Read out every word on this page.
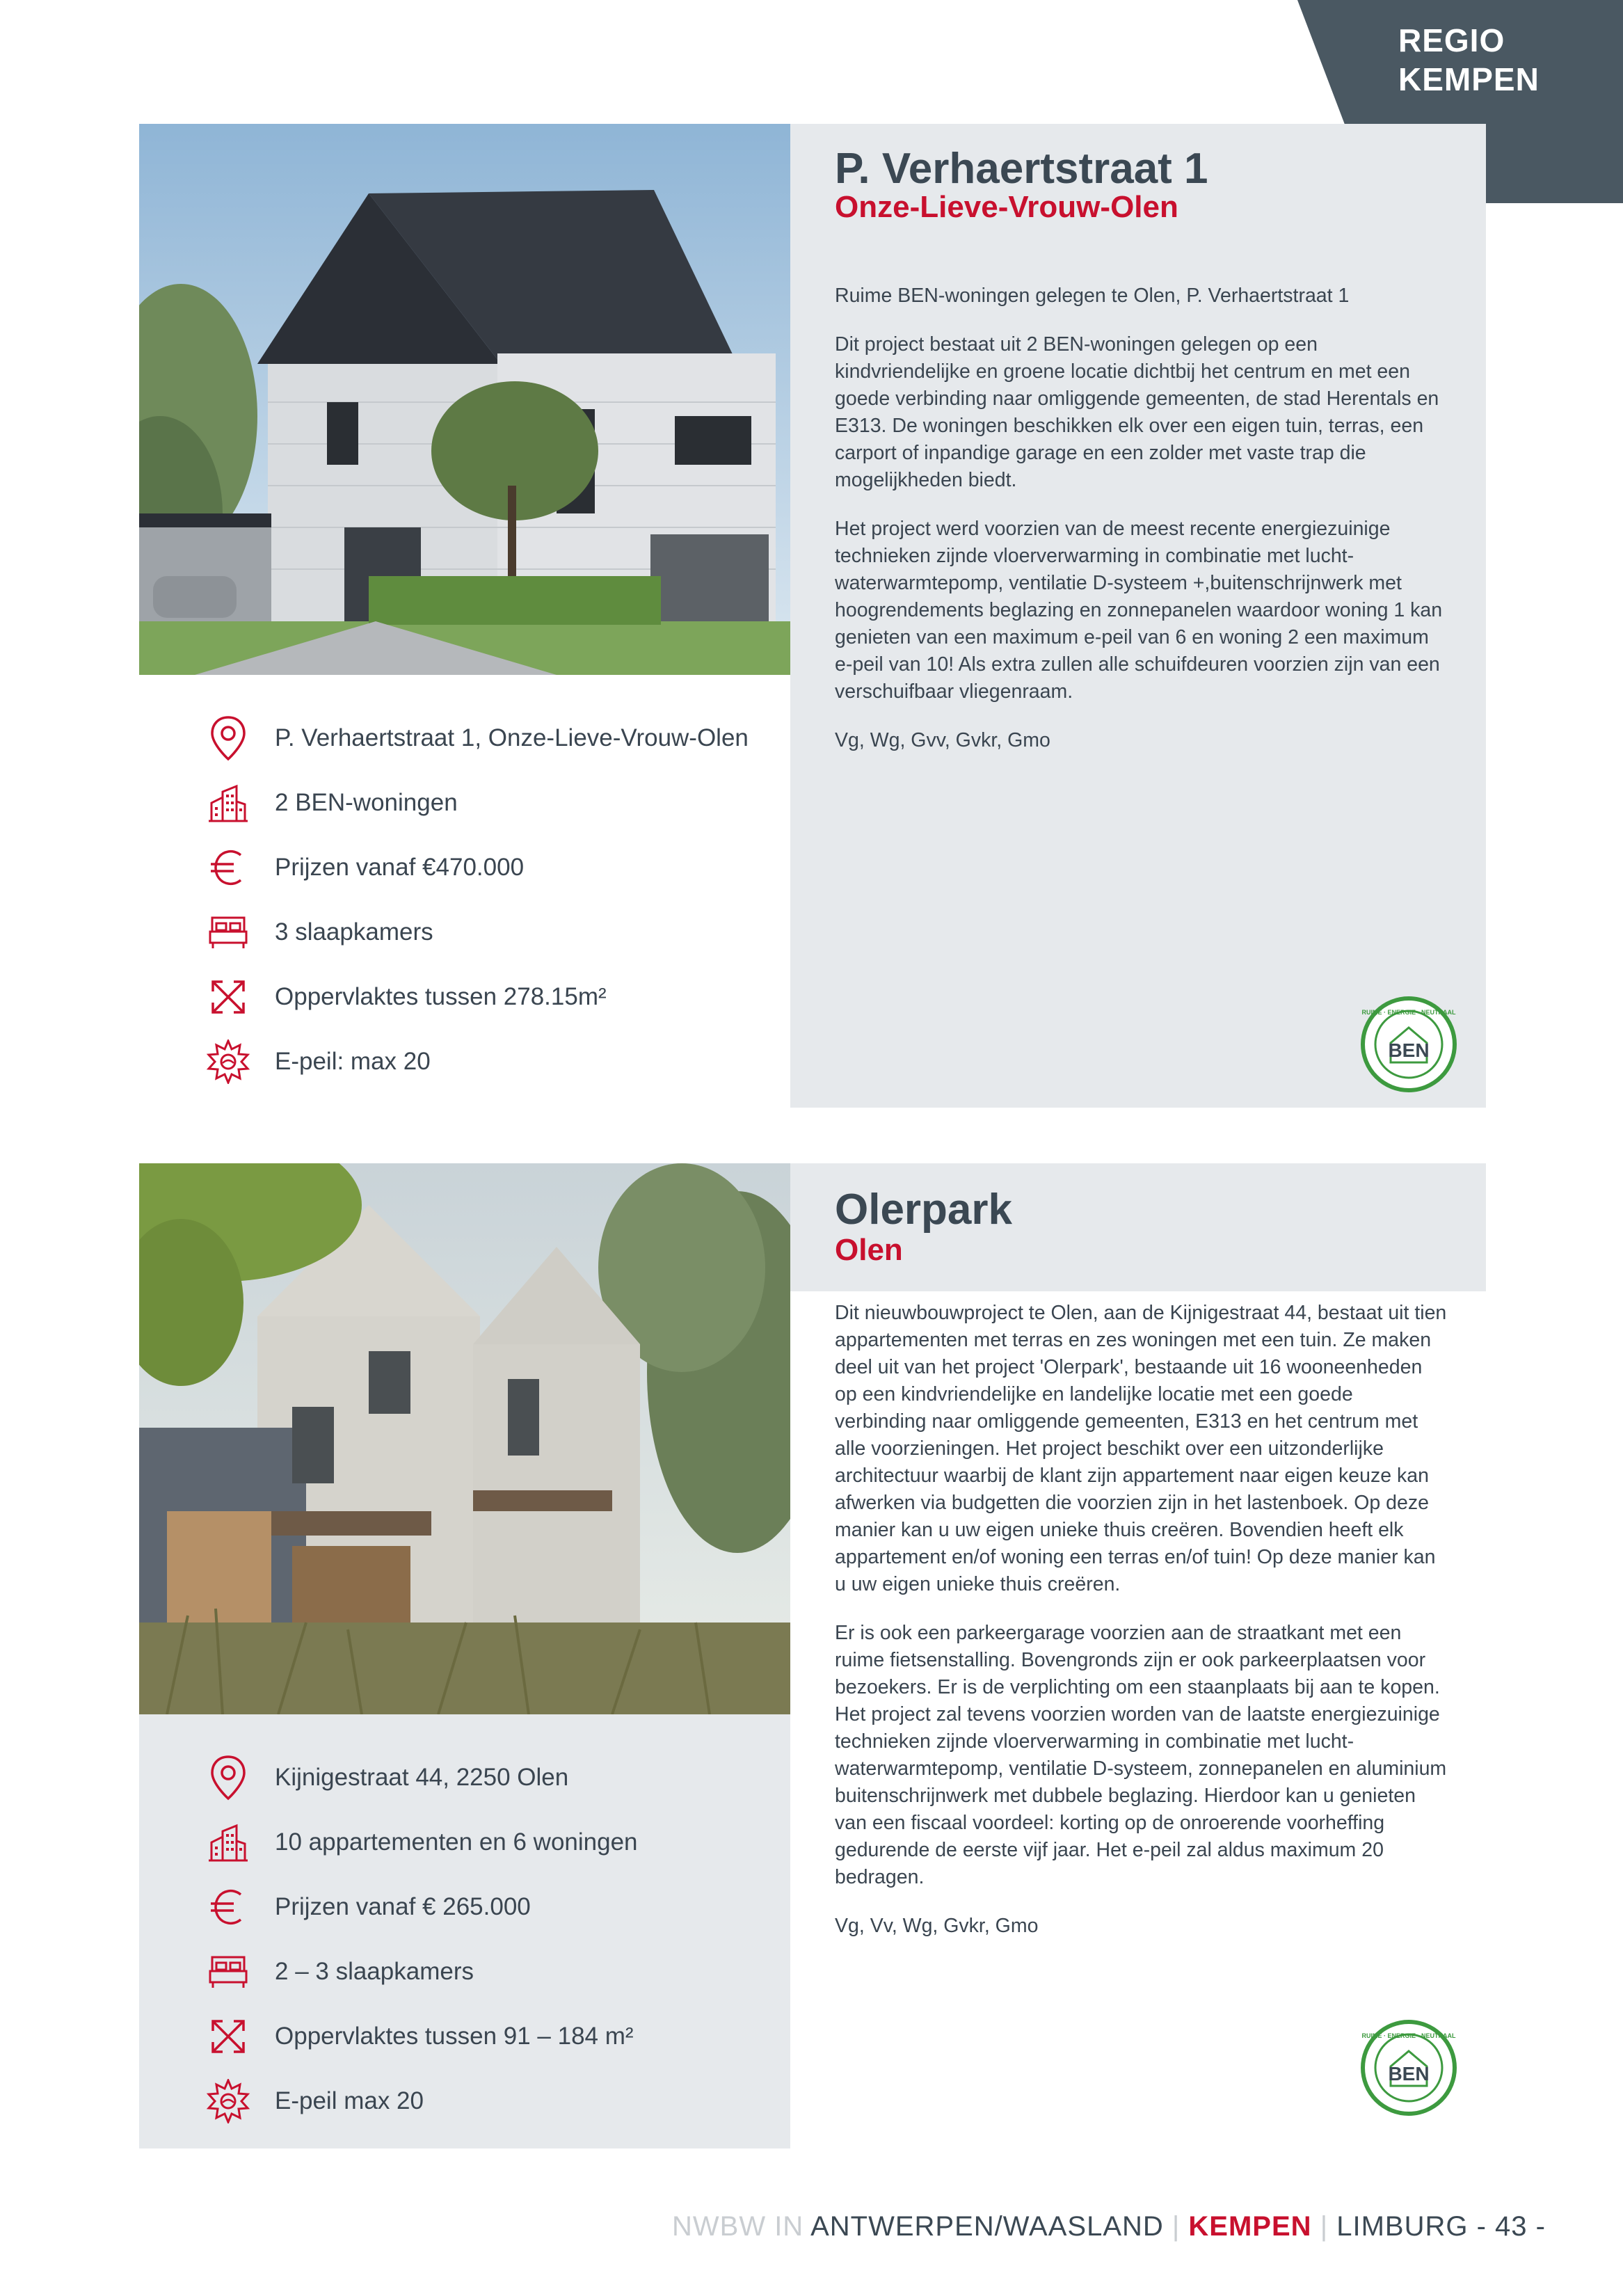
REGIO
KEMPEN
P. Verhaertstraat 1
Onze-Lieve-Vrouw-Olen

Ruime BEN-woningen gelegen te Olen, P. Verhaertstraat 1

Dit project bestaat uit 2 BEN-woningen gelegen op een kindvriendelijke en groene locatie dichtbij het centrum en met een goede verbinding naar omliggende gemeenten, de stad Herentals en E313. De woningen beschikken elk over een eigen tuin, terras, een carport of inpandige garage en een zolder met vaste trap die mogelijkheden biedt.

Het project werd voorzien van de meest recente energiezuinige technieken zijnde vloerverwarming in combinatie met lucht-waterwarmtepomp, ventilatie D-systeem +,buitenschrijnwerk met hoogrendements beglazing en zonnepanelen waardoor woning 1 kan genieten van een maximum e-peil van 6 en woning 2 een maximum e-peil van 10! Als extra zullen alle schuifdeuren voorzien zijn van een verschuifbaar vliegenraam.

Vg, Wg, Gvv, Gvkr, Gmo

P. Verhaertstraat 1, Onze-Lieve-Vrouw-Olen
2 BEN-woningen
Prijzen vanaf €470.000
3 slaapkamers
Oppervlaktes tussen 278.15m²
E-peil: max 20	BEN
RUIME · ENERGIE · NEUTRAAL
Olerpark
Olen

Dit nieuwbouwproject te Olen, aan de Kijnigestraat 44, bestaat uit tien appartementen met terras en zes woningen met een tuin. Ze maken deel uit van het project 'Olerpark', bestaande uit 16 wooneenheden op een kindvriendelijke en landelijke locatie met een goede verbinding naar omliggende gemeenten, E313 en het centrum met alle voorzieningen. Het project beschikt over een uitzonderlijke architectuur waarbij de klant zijn appartement naar eigen keuze kan afwerken via budgetten die voorzien zijn in het lastenboek. Op deze manier kan u uw eigen unieke thuis creëren. Bovendien heeft elk appartement en/of woning een terras en/of tuin! Op deze manier kan u uw eigen unieke thuis creëren.

Er is ook een parkeergarage voorzien aan de straatkant met een ruime fietsenstalling. Bovengronds zijn er ook parkeerplaatsen voor bezoekers. Er is de verplichting om een staanplaats bij aan te kopen. Het project zal tevens voorzien worden van de laatste energiezuinige technieken zijnde vloerverwarming in combinatie met lucht-waterwarmtepomp, ventilatie D-systeem, zonnepanelen en aluminium buitenschrijnwerk met dubbele beglazing. Hierdoor kan u genieten van een fiscaal voordeel: korting op de onroerende voorheffing gedurende de eerste vijf jaar. Het e-peil zal aldus maximum 20 bedragen.

Vg, Vv, Wg, Gvkr, Gmo

Kijnigestraat 44, 2250 Olen
10 appartementen en 6 woningen
Prijzen vanaf € 265.000
2 – 3 slaapkamers
Oppervlaktes tussen 91 – 184 m²
E-peil max 20
BEN
RUIME · ENERGIE · NEUTRAAL
NWBW IN ANTWERPEN/WAASLAND | KEMPEN | LIMBURG - 43 -
